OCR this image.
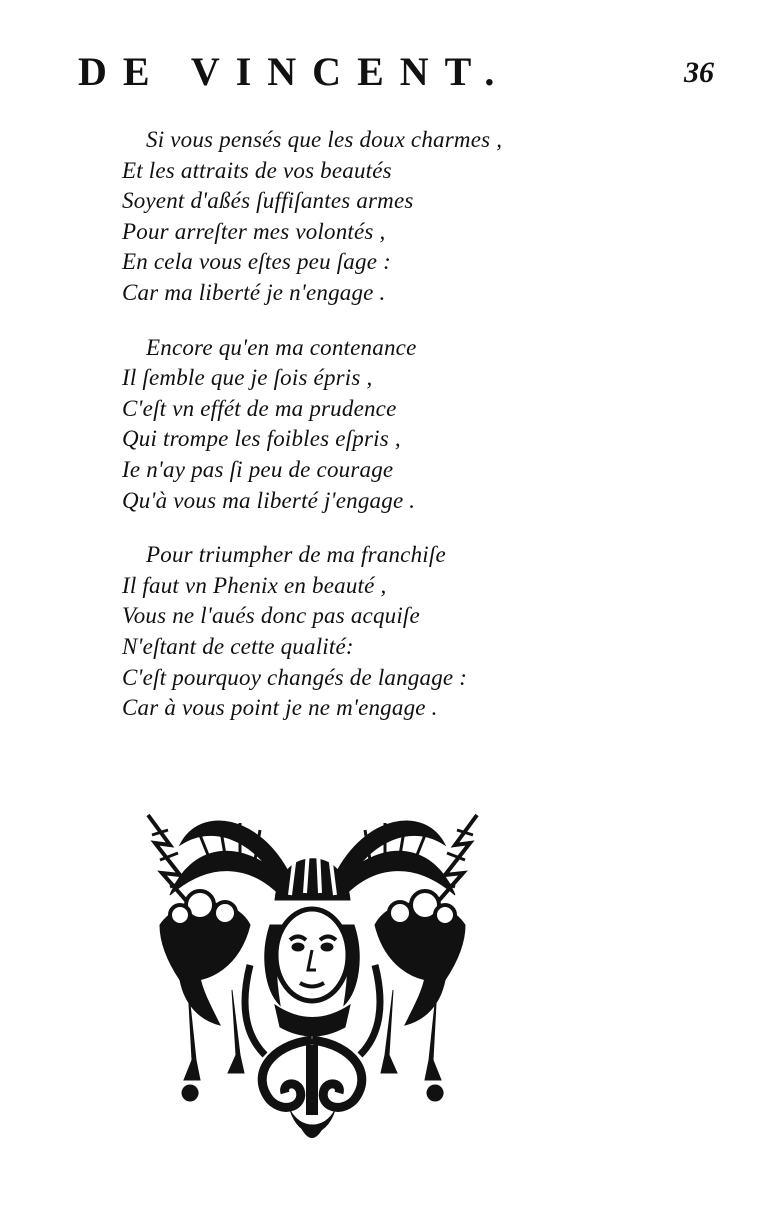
DE VINCENT.	36
Si vous pensés que les doux charmes ,
Et les attraits de vos beautés
Soyent d'aßés ſuffiſantes armes
Pour arreſter mes volontés ,
En cela vous eſtes peu ſage :
Car ma liberté je n'engage .
Encore qu'en ma contenance
Il ſemble que je ſois épris ,
C'eſt vn effét de ma prudence
Qui trompe les foibles eſpris ,
Ie n'ay pas ſi peu de courage
Qu'à vous ma liberté j'engage .
Pour triumpher de ma franchiſe
Il faut vn Phenix en beauté ,
Vous ne l'aués donc pas acquiſe
N'eſtant de cette qualité:
C'eſt pourquoy changés de langage :
Car à vous point je ne m'engage .
